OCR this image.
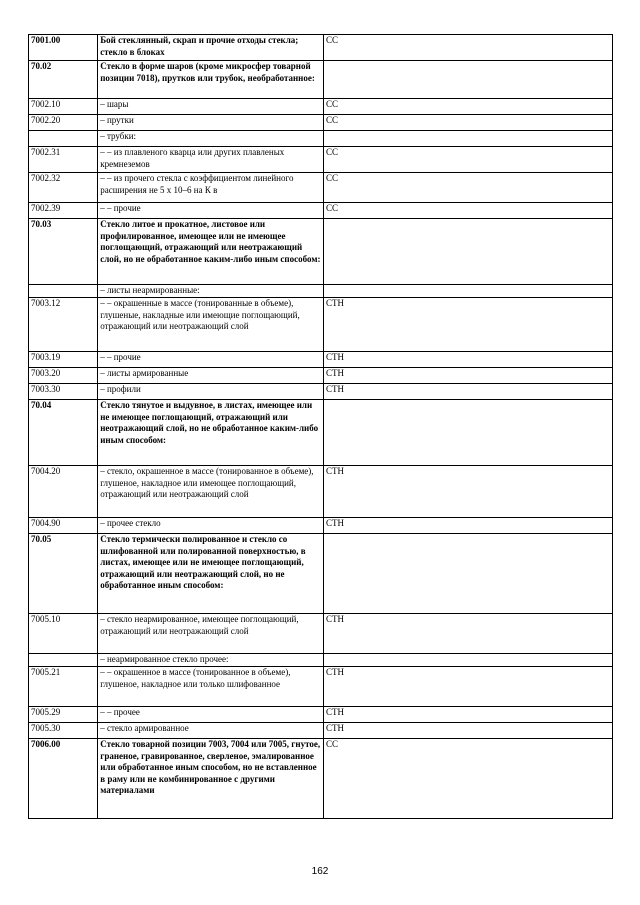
7001.00	Бой стеклянный, скрап и прочие отходы стекла; стекло в блоках	СС
70.02	Стекло в форме шаров (кроме микросфер товарной позиции 7018), прутков или трубок, необработанное:	
7002.10	– шары	СС
7002.20	– прутки	СС
	– трубки:	
7002.31	– – из плавленого кварца или других плавленых кремнеземов	СС
7002.32	– – из прочего стекла с коэффициентом линейного расширения не 5 х 10–6 на К в	СС
7002.39	– – прочие	СС
70.03	Стекло литое и прокатное, листовое или профилированное, имеющее или не имеющее поглощающий, отражающий или неотражающий слой, но не обработанное каким-либо иным способом:	
	– листы неармированные:	
7003.12	– – окрашенные в массе (тонированные в объеме), глушеные, накладные или имеющие поглощающий, отражающий или неотражающий слой	СТН
7003.19	– – прочие	СТН
7003.20	– листы армированные	СТН
7003.30	– профили	СТН
70.04	Стекло тянутое и выдувное, в листах, имеющее или не имеющее поглощающий, отражающий или неотражающий слой, но не обработанное каким-либо иным способом:	
7004.20	– стекло, окрашенное в массе (тонированное в объеме), глушеное, накладное или имеющее поглощающий, отражающий или неотражающий слой	СТН
7004.90	– прочее стекло	СТН
70.05	Стекло термически полированное и стекло со шлифованной или полированной поверхностью, в листах, имеющее или не имеющее поглощающий, отражающий или неотражающий слой, но не обработанное иным способом:	
7005.10	– стекло неармированное, имеющее поглощающий, отражающий или неотражающий слой	СТН
	– неармированное стекло прочее:	
7005.21	– – окрашенное в массе (тонированное в объеме), глушеное, накладное или только шлифованное	СТН
7005.29	– – прочее	СТН
7005.30	– стекло армированное	СТН
7006.00	Стекло товарной позиции 7003, 7004 или 7005, гнутое, граненое, гравированное, сверленое, эмалированное или обработанное иным способом, но не вставленное в раму или не комбинированное с другими материалами	СС
162
